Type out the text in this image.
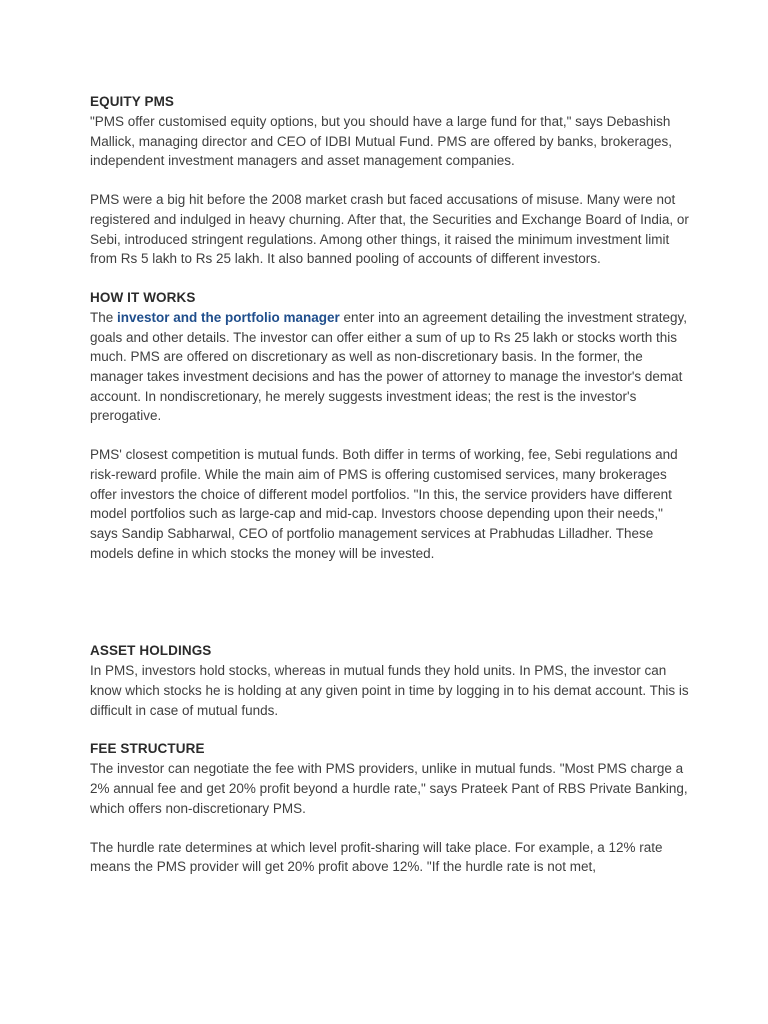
EQUITY PMS

"PMS offer customised equity options, but you should have a large fund for that," says Debashish Mallick, managing director and CEO of IDBI Mutual Fund. PMS are offered by banks, brokerages, independent investment managers and asset management companies.

PMS were a big hit before the 2008 market crash but faced accusations of misuse. Many were not registered and indulged in heavy churning. After that, the Securities and Exchange Board of India, or Sebi, introduced stringent regulations. Among other things, it raised the minimum investment limit from Rs 5 lakh to Rs 25 lakh. It also banned pooling of accounts of different investors.

HOW IT WORKS

The investor and the portfolio manager enter into an agreement detailing the investment strategy, goals and other details. The investor can offer either a sum of up to Rs 25 lakh or stocks worth this much. PMS are offered on discretionary as well as non-discretionary basis. In the former, the manager takes investment decisions and has the power of attorney to manage the investor's demat account. In nondiscretionary, he merely suggests investment ideas; the rest is the investor's prerogative.

PMS' closest competition is mutual funds. Both differ in terms of working, fee, Sebi regulations and risk-reward profile. While the main aim of PMS is offering customised services, many brokerages offer investors the choice of different model portfolios. "In this, the service providers have different model portfolios such as large-cap and mid-cap. Investors choose depending upon their needs," says Sandip Sabharwal, CEO of portfolio management services at Prabhudas Lilladher. These models define in which stocks the money will be invested.

ASSET HOLDINGS

In PMS, investors hold stocks, whereas in mutual funds they hold units. In PMS, the investor can know which stocks he is holding at any given point in time by logging in to his demat account. This is difficult in case of mutual funds.

FEE STRUCTURE

The investor can negotiate the fee with PMS providers, unlike in mutual funds. "Most PMS charge a 2% annual fee and get 20% profit beyond a hurdle rate," says Prateek Pant of RBS Private Banking, which offers non-discretionary PMS.

The hurdle rate determines at which level profit-sharing will take place. For example, a 12% rate means the PMS provider will get 20% profit above 12%. "If the hurdle rate is not met,
